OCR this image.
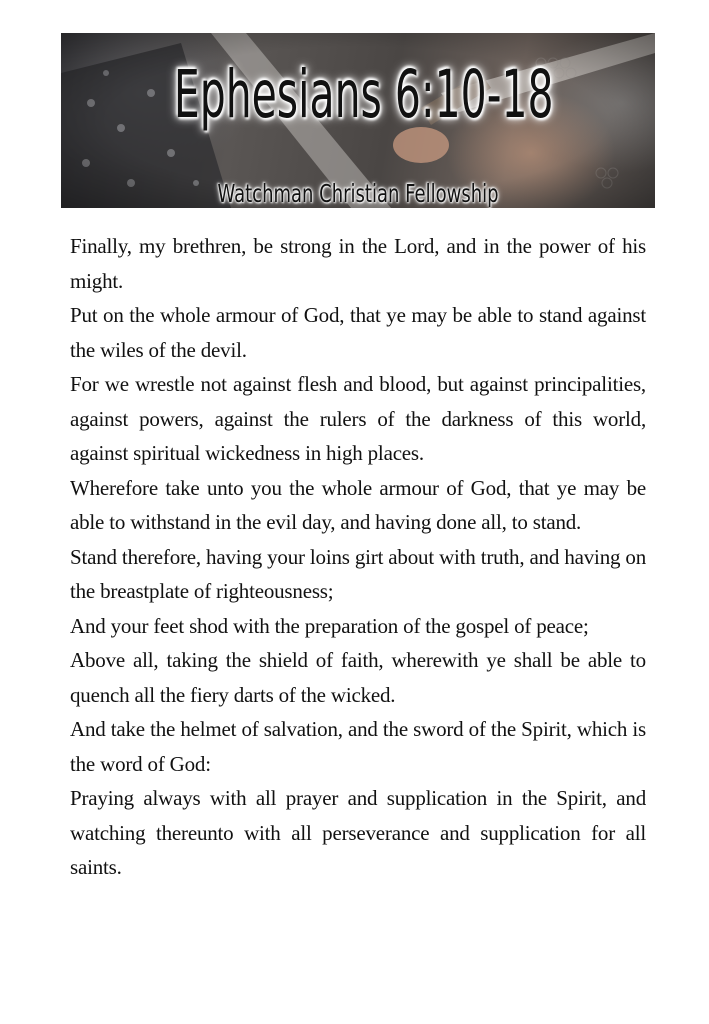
Ephesians 6:10-18
Watchman Christian Fellowship

Finally, my brethren, be strong in the Lord, and in the power of his might.

Put on the whole armour of God, that ye may be able to stand against the wiles of the devil.

For we wrestle not against flesh and blood, but against principalities, against powers, against the rulers of the darkness of this world, against spiritual wickedness in high places.

Wherefore take unto you the whole armour of God, that ye may be able to withstand in the evil day, and having done all, to stand.

Stand therefore, having your loins girt about with truth, and having on the breastplate of righteousness;

And your feet shod with the preparation of the gospel of peace;

Above all, taking the shield of faith, wherewith ye shall be able to quench all the fiery darts of the wicked.

And take the helmet of salvation, and the sword of the Spirit, which is the word of God:

Praying always with all prayer and supplication in the Spirit, and watching thereunto with all perseverance and supplication for all saints.
